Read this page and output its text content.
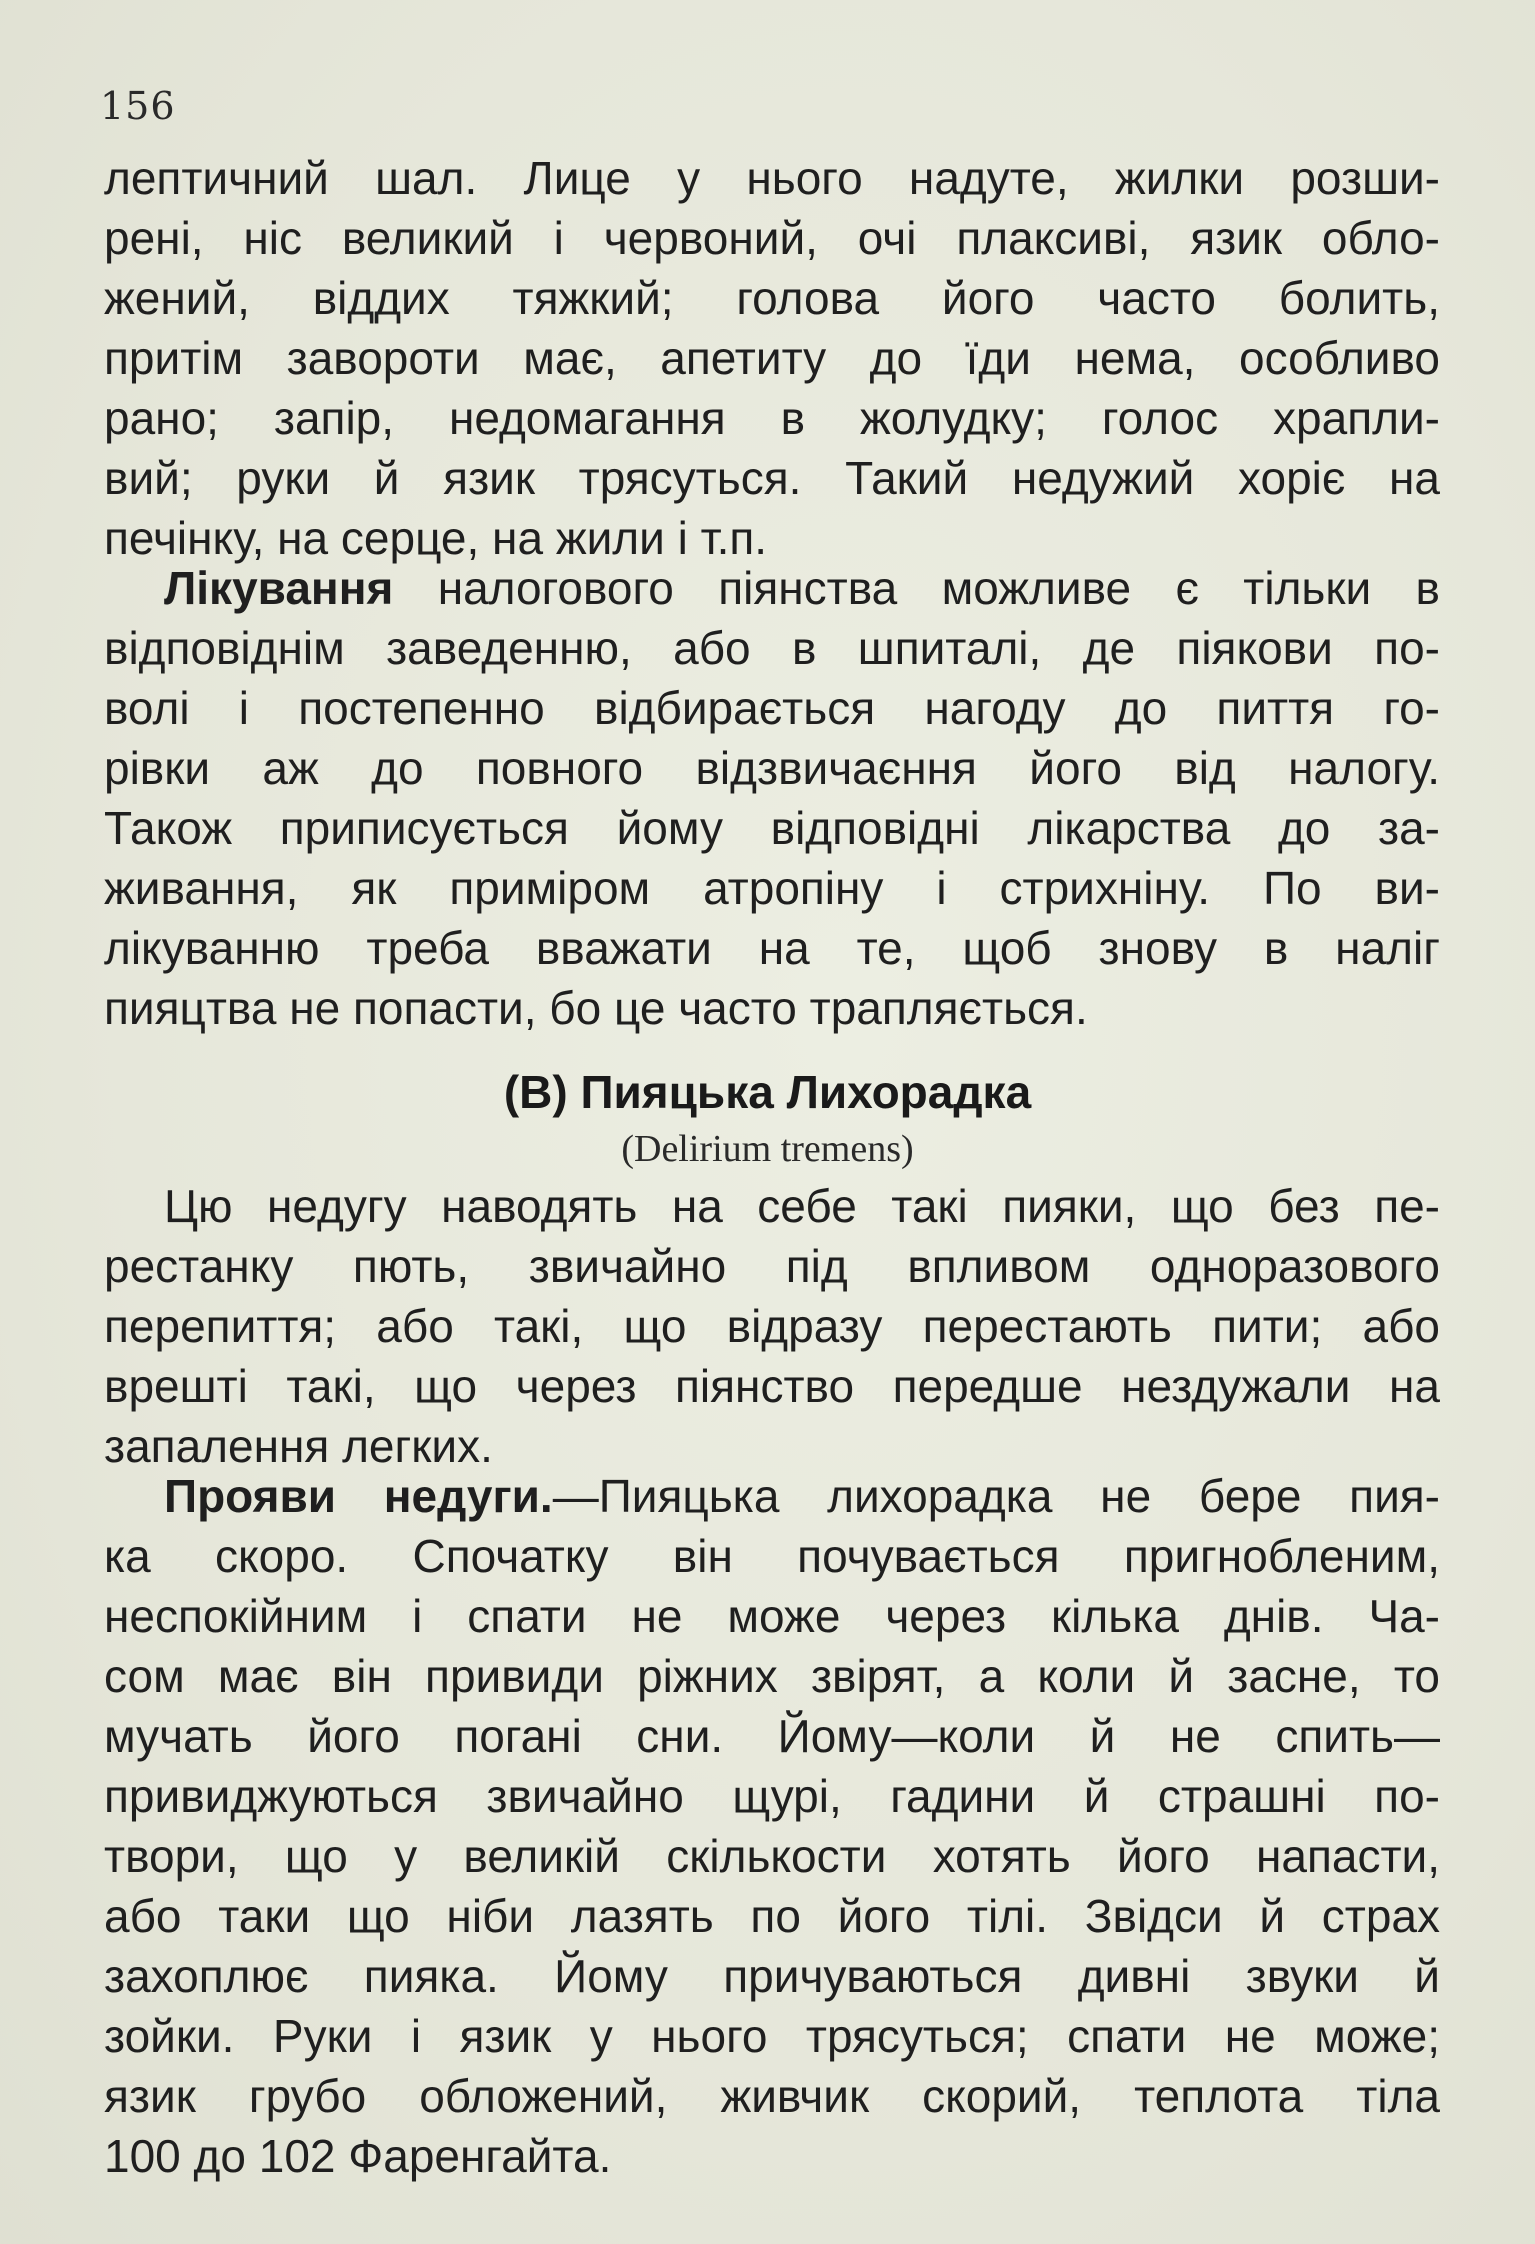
156
лептичний шал. Лице у нього надуте, жилки розши-
рені, ніс великий і червоний, очі плаксиві, язик обло-
жений, віддих тяжкий; голова його часто болить,
притім завороти має, апетиту до їди нема, особливо
рано; запір, недомагання в жолудку; голос храпли-
вий; руки й язик трясуться. Такий недужий хоріє на
печінку, на серце, на жили і т.п.
Лікування налогового піянства можливе є тільки в
відповіднім заведенню, або в шпиталі, де піякови по-
волі і постепенно відбирається нагоду до пиття го-
рівки аж до повного відзвичаєння його від налогу.
Також приписується йому відповідні лікарства до за-
живання, як приміром атропіну і стрихніну. По ви-
лікуванню треба вважати на те, щоб знову в наліг
пияцтва не попасти, бо це часто трапляється.
(B) Пияцька Лихорадка
(Delirium tremens)
Цю недугу наводять на себе такі пияки, що без пе-
рестанку пють, звичайно під впливом одноразового
перепиття; або такі, що відразу перестають пити; або
врешті такі, що через піянство передше нездужали на
запалення легких.
Прояви недуги.—Пияцька лихорадка не бере пия-
ка скоро. Спочатку він почувається пригнобленим,
неспокійним і спати не може через кілька днів. Ча-
сом має він привиди ріжних звірят, а коли й засне, то
мучать його погані сни. Йому—коли й не спить—
привиджуються звичайно щурі, гадини й страшні по-
твори, що у великій скількости хотять його напасти,
або таки що ніби лазять по його тілі. Звідси й страх
захоплює пияка. Йому причуваються дивні звуки й
зойки. Руки і язик у нього трясуться; спати не може;
язик грубо обложений, живчик скорий, теплота тіла
100 до 102 Фаренгайта.
